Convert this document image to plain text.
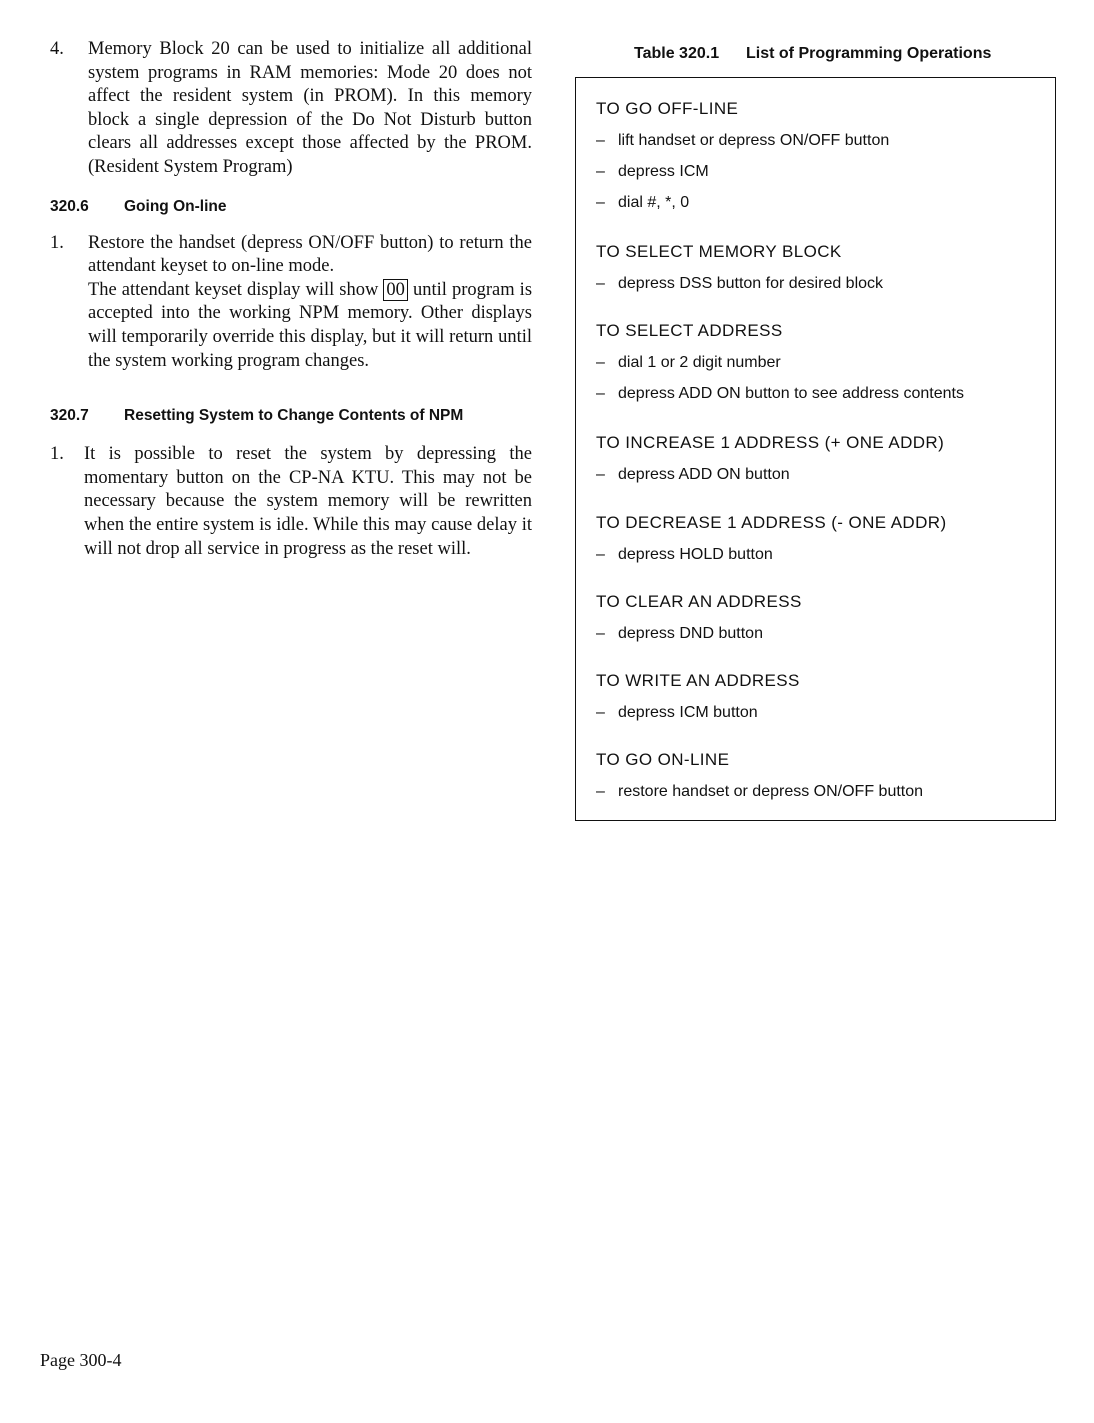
4. Memory Block 20 can be used to initialize all additional system programs in RAM memories: Mode 20 does not affect the resident system (in PROM). In this memory block a single depression of the Do Not Disturb button clears all addresses except those affected by the PROM. (Resident System Program)
320.6 Going On-line
1. Restore the handset (depress ON/OFF button) to return the attendant keyset to on-line mode.
The attendant keyset display will show 00 until program is accepted into the working NPM memory. Other displays will temporarily override this display, but it will return until the system working program changes.
320.7 Resetting System to Change Contents of NPM
1. It is possible to reset the system by depressing the momentary button on the CP-NA KTU. This may not be necessary because the system memory will be rewritten when the entire system is idle. While this may cause delay it will not drop all service in progress as the reset will.
Table 320.1 List of Programming Operations
TO GO OFF-LINE
– lift handset or depress ON/OFF button
– depress ICM
– dial #, *, 0
TO SELECT MEMORY BLOCK
– depress DSS button for desired block
TO SELECT ADDRESS
– dial 1 or 2 digit number
– depress ADD ON button to see address contents
TO INCREASE 1 ADDRESS (+ ONE ADDR)
– depress ADD ON button
TO DECREASE 1 ADDRESS (- ONE ADDR)
– depress HOLD button
TO CLEAR AN ADDRESS
– depress DND button
TO WRITE AN ADDRESS
– depress ICM button
TO GO ON-LINE
– restore handset or depress ON/OFF button
Page 300-4
